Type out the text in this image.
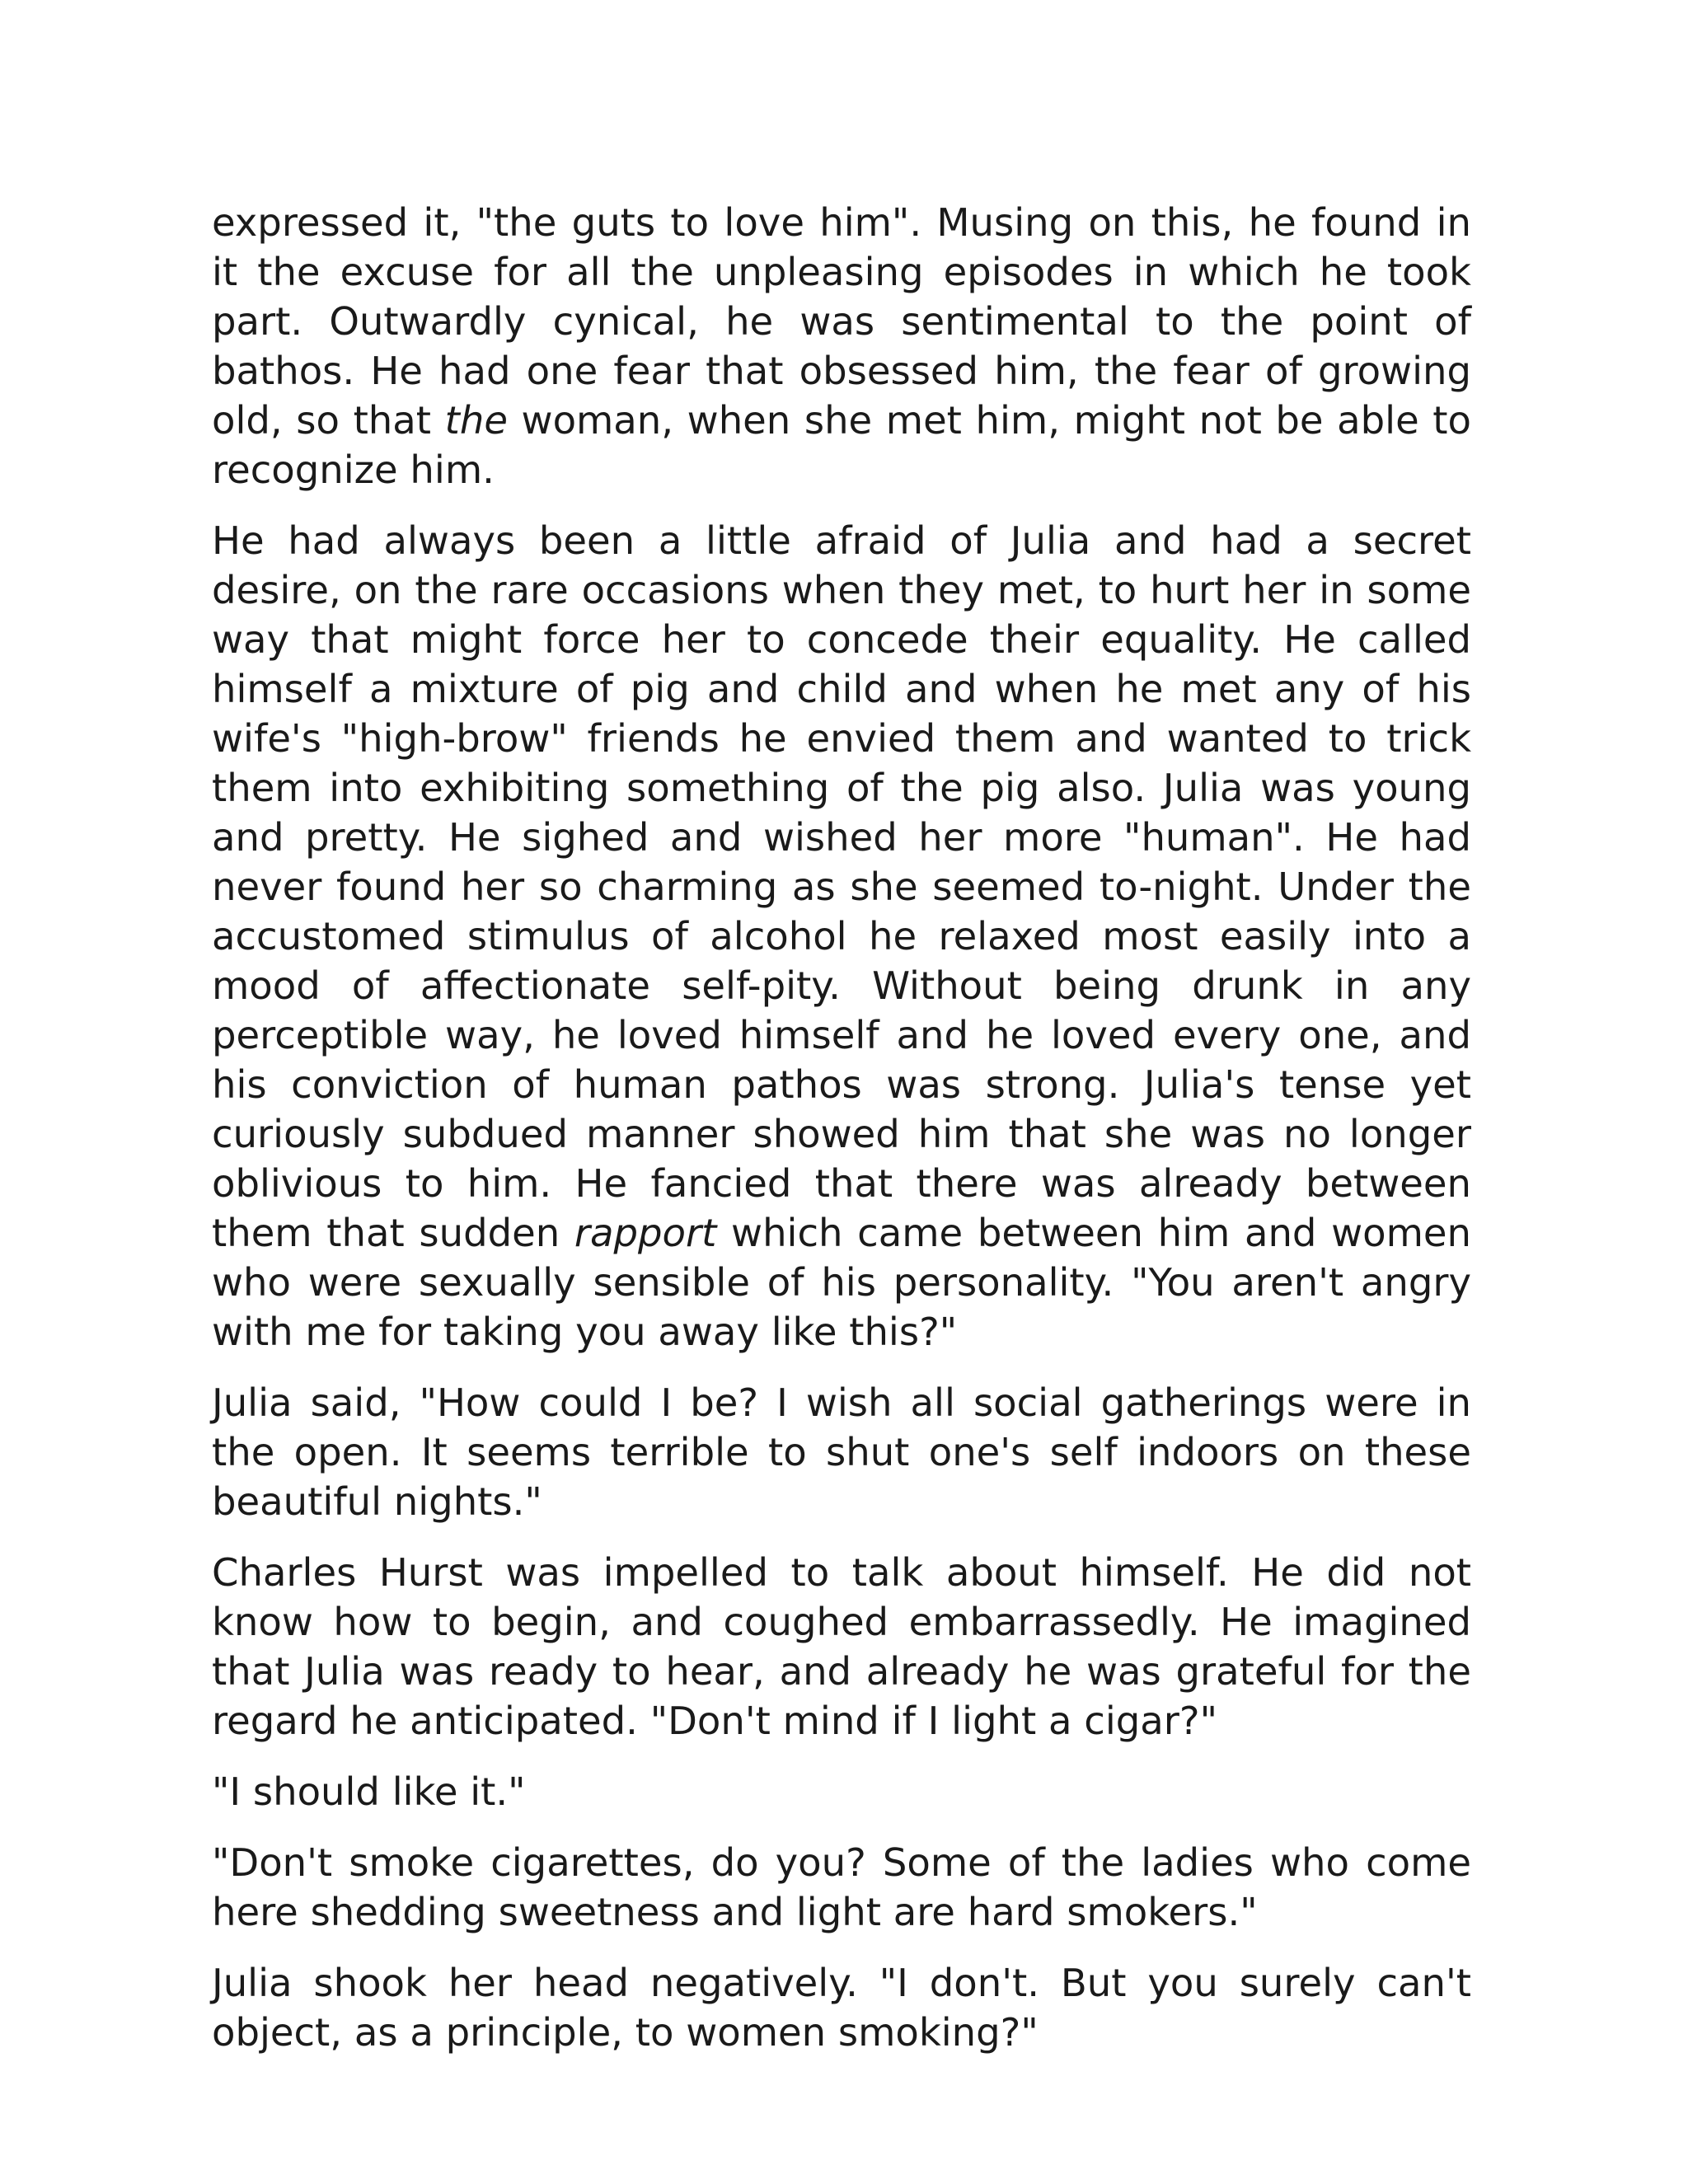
expressed it, "the guts to love him". Musing on this, he found in it the excuse for all the unpleasing episodes in which he took part. Outwardly cynical, he was sentimental to the point of bathos. He had one fear that obsessed him, the fear of growing old, so that the woman, when she met him, might not be able to recognize him.

He had always been a little afraid of Julia and had a secret desire, on the rare occasions when they met, to hurt her in some way that might force her to concede their equality. He called himself a mixture of pig and child and when he met any of his wife's "high-brow" friends he envied them and wanted to trick them into exhibiting something of the pig also. Julia was young and pretty. He sighed and wished her more "human". He had never found her so charming as she seemed to-night. Under the accustomed stimulus of alcohol he relaxed most easily into a mood of affectionate self-pity. Without being drunk in any perceptible way, he loved himself and he loved every one, and his conviction of human pathos was strong. Julia's tense yet curiously subdued manner showed him that she was no longer oblivious to him. He fancied that there was already between them that sudden rapport which came between him and women who were sexually sensible of his personality. "You aren't angry with me for taking you away like this?"

Julia said, "How could I be? I wish all social gatherings were in the open. It seems terrible to shut one's self indoors on these beautiful nights."

Charles Hurst was impelled to talk about himself. He did not know how to begin, and coughed embarrassedly. He imagined that Julia was ready to hear, and already he was grateful for the regard he anticipated. "Don't mind if I light a cigar?"

"I should like it."

"Don't smoke cigarettes, do you? Some of the ladies who come here shedding sweetness and light are hard smokers."

Julia shook her head negatively. "I don't. But you surely can't object, as a principle, to women smoking?"
